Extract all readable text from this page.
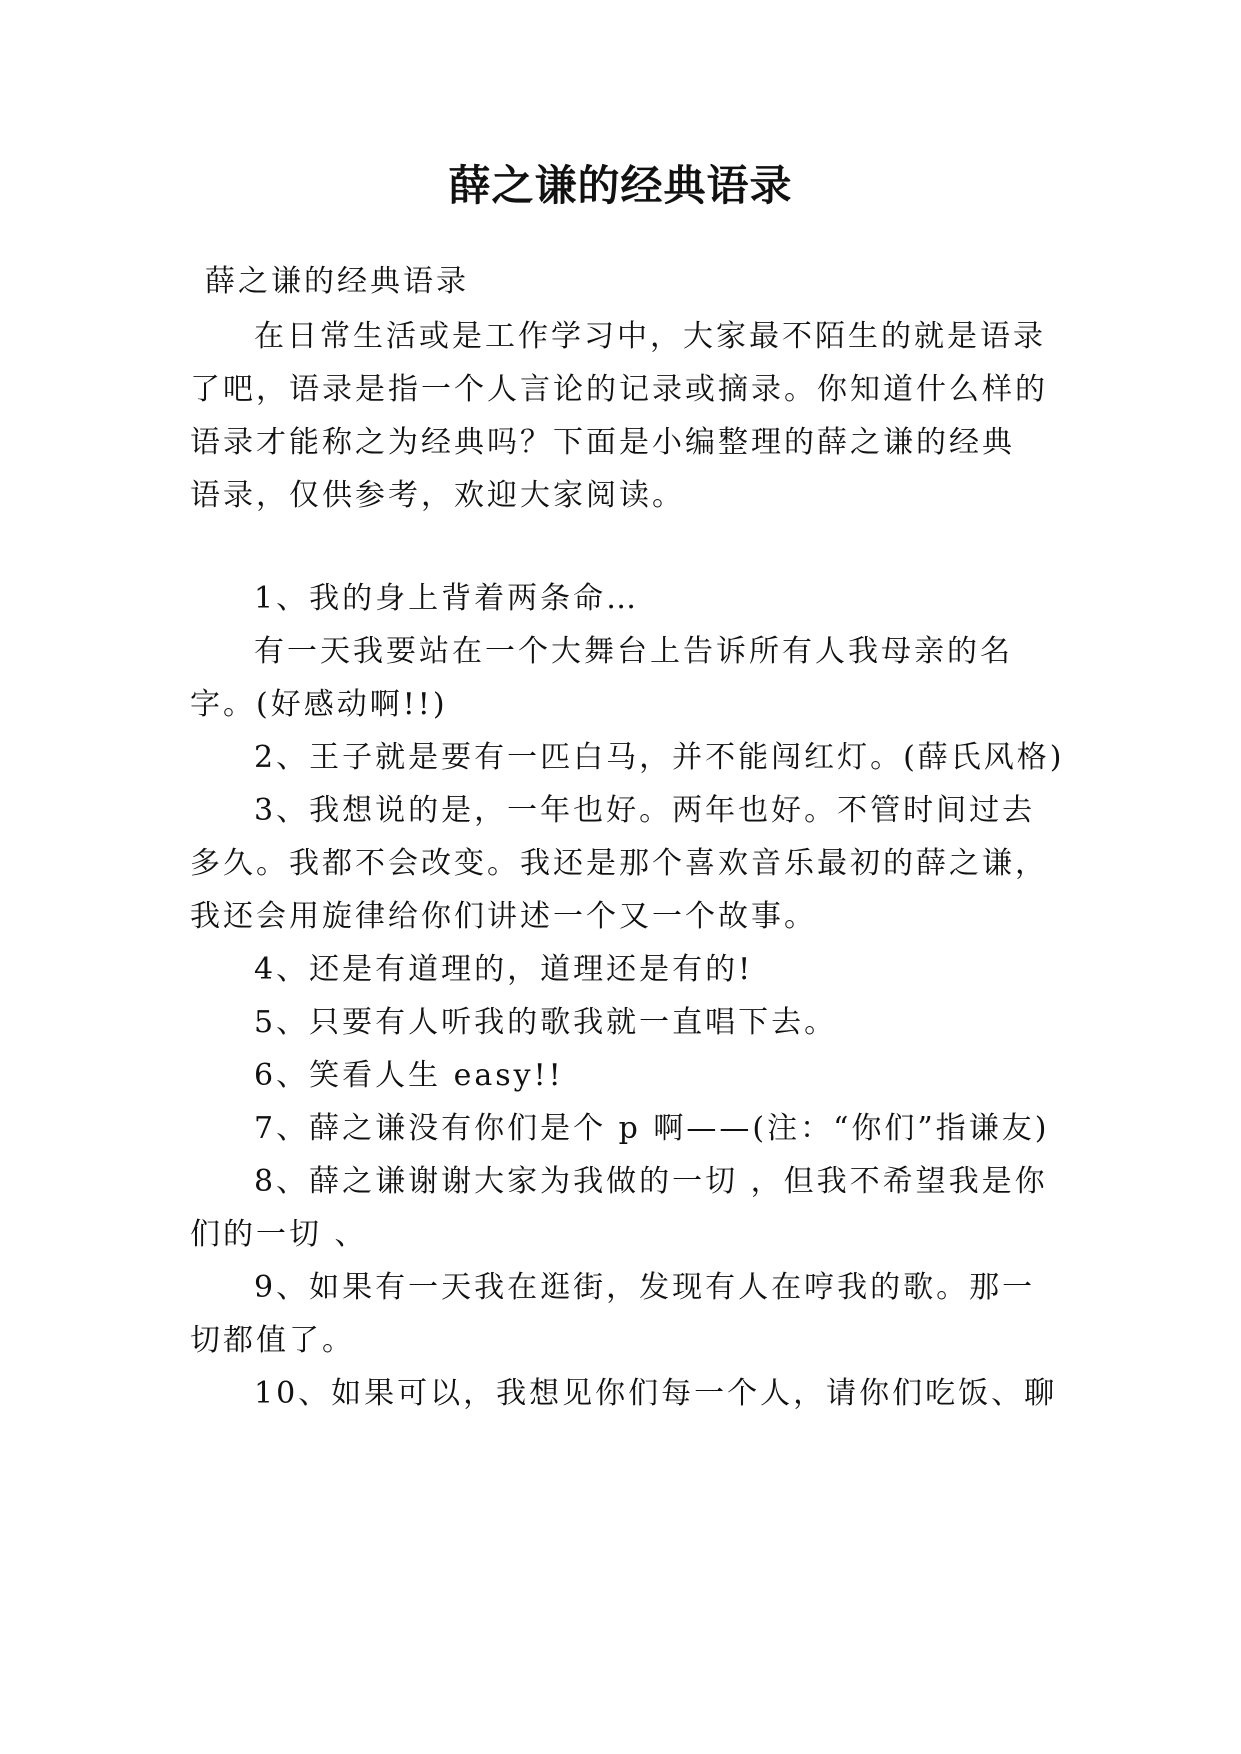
薛之谦的经典语录
薛之谦的经典语录
在日常生活或是工作学习中，大家最不陌生的就是语录
了吧，语录是指一个人言论的记录或摘录。你知道什么样的
语录才能称之为经典吗？下面是小编整理的薛之谦的经典
语录，仅供参考，欢迎大家阅读。
1、我的身上背着两条命…
有一天我要站在一个大舞台上告诉所有人我母亲的名
字。(好感动啊!!)
2、王子就是要有一匹白马，并不能闯红灯。(薛氏风格)
3、我想说的是，一年也好。两年也好。不管时间过去
多久。我都不会改变。我还是那个喜欢音乐最初的薛之谦，
我还会用旋律给你们讲述一个又一个故事。
4、还是有道理的，道理还是有的!
5、只要有人听我的歌我就一直唱下去。
6、笑看人生 easy!!
7、薛之谦没有你们是个 p 啊——(注：“你们”指谦友)
8、薛之谦谢谢大家为我做的一切 ，但我不希望我是你
们的一切 、
9、如果有一天我在逛街，发现有人在哼我的歌。那一
切都值了。
10、如果可以，我想见你们每一个人，请你们吃饭、聊
